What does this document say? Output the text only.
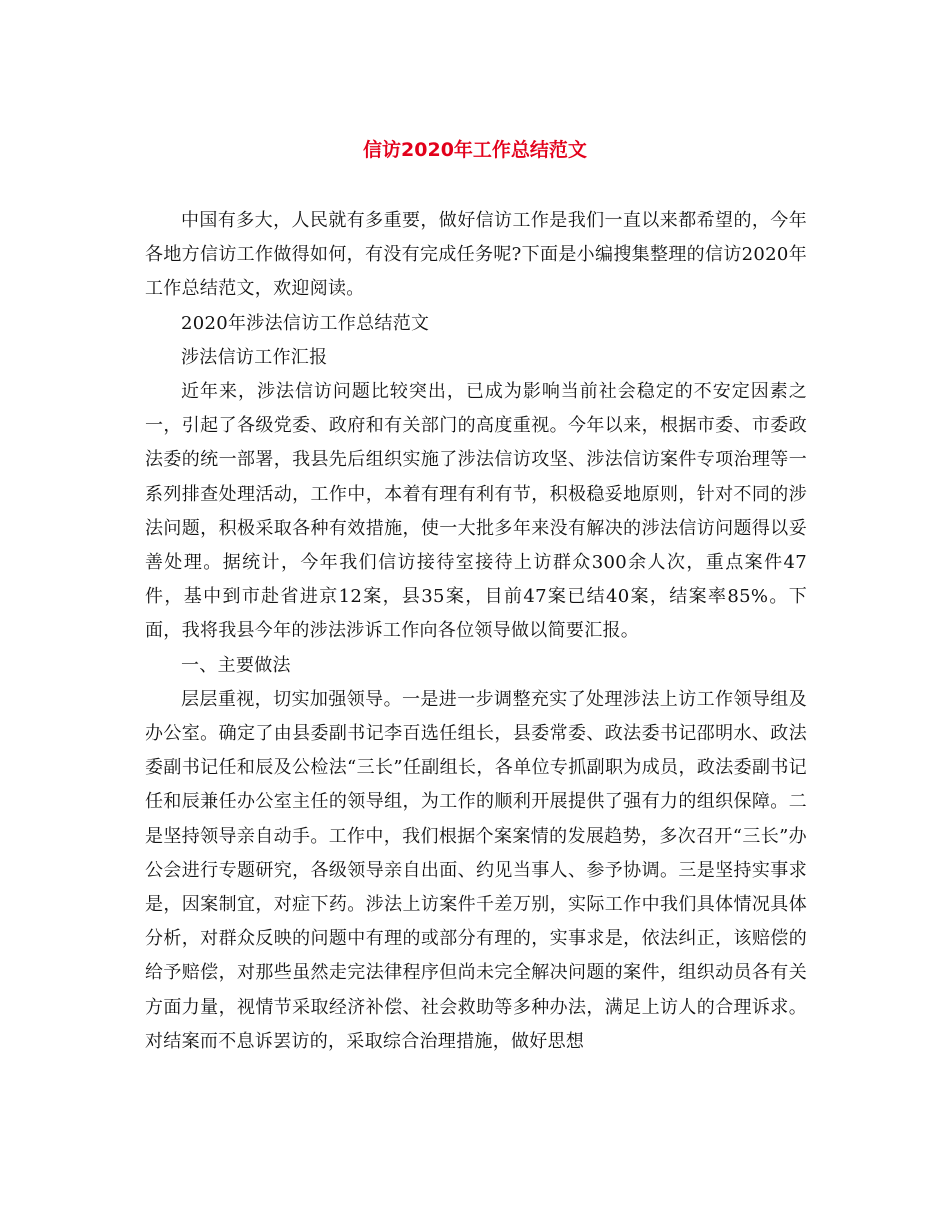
信访2020年工作总结范文

中国有多大，人民就有多重要，做好信访工作是我们一直以来都希望的，今年各地方信访工作做得如何，有没有完成任务呢?下面是小编搜集整理的信访2020年工作总结范文，欢迎阅读。

2020年涉法信访工作总结范文

涉法信访工作汇报

近年来，涉法信访问题比较突出，已成为影响当前社会稳定的不安定因素之一，引起了各级党委、政府和有关部门的高度重视。今年以来，根据市委、市委政法委的统一部署，我县先后组织实施了涉法信访攻坚、涉法信访案件专项治理等一系列排查处理活动，工作中，本着有理有利有节，积极稳妥地原则，针对不同的涉法问题，积极采取各种有效措施，使一大批多年来没有解决的涉法信访问题得以妥善处理。据统计，今年我们信访接待室接待上访群众300余人次，重点案件47件，基中到市赴省进京12案，县35案，目前47案已结40案，结案率85%。下面，我将我县今年的涉法涉诉工作向各位领导做以简要汇报。

一、主要做法

层层重视，切实加强领导。一是进一步调整充实了处理涉法上访工作领导组及办公室。确定了由县委副书记李百选任组长，县委常委、政法委书记邵明水、政法委副书记任和辰及公检法“三长”任副组长，各单位专抓副职为成员，政法委副书记任和辰兼任办公室主任的领导组，为工作的顺利开展提供了强有力的组织保障。二是坚持领导亲自动手。工作中，我们根据个案案情的发展趋势，多次召开“三长”办公会进行专题研究，各级领导亲自出面、约见当事人、参予协调。三是坚持实事求是，因案制宜，对症下药。涉法上访案件千差万别，实际工作中我们具体情况具体分析，对群众反映的问题中有理的或部分有理的，实事求是，依法纠正，该赔偿的给予赔偿，对那些虽然走完法律程序但尚未完全解决问题的案件，组织动员各有关方面力量，视情节采取经济补偿、社会救助等多种办法，满足上访人的合理诉求。对结案而不息诉罢访的，采取综合治理措施，做好思想
